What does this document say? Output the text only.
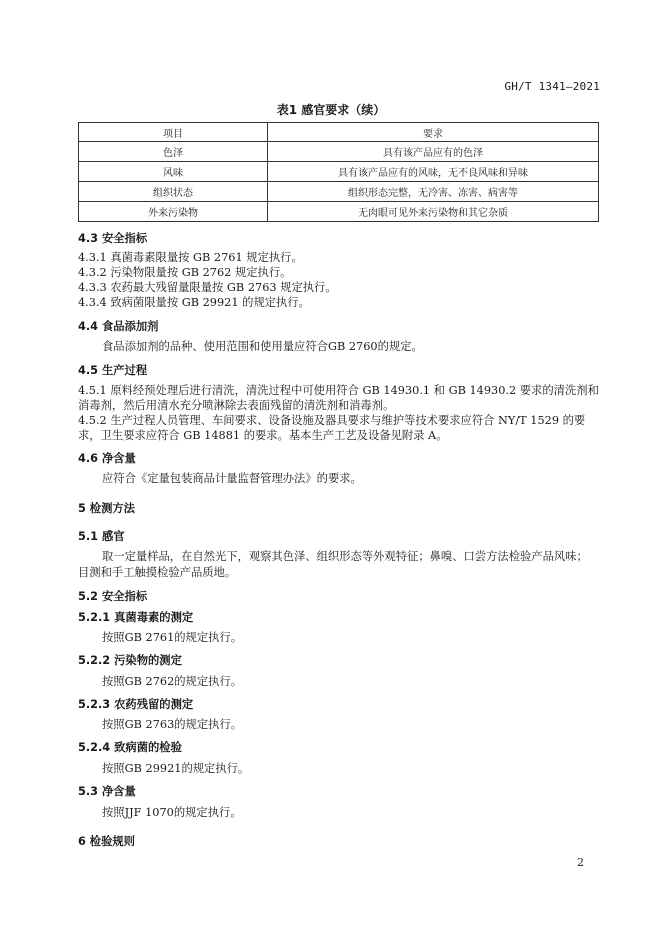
GH/T 1341—2021
表1 感官要求（续）
项目	要求
色泽	具有该产品应有的色泽
风味	具有该产品应有的风味，无不良风味和异味
组织状态	组织形态完整，无冷害、冻害、病害等
外来污染物	无肉眼可见外来污染物和其它杂质
4.3 安全指标
4.3.1 真菌毒素限量按 GB 2761 规定执行。
4.3.2 污染物限量按 GB 2762 规定执行。
4.3.3 农药最大残留量限量按 GB 2763 规定执行。
4.3.4 致病菌限量按 GB 29921 的规定执行。
4.4 食品添加剂
食品添加剂的品种、使用范围和使用量应符合GB 2760的规定。
4.5 生产过程
4.5.1 原料经预处理后进行清洗，清洗过程中可使用符合 GB 14930.1 和 GB 14930.2 要求的清洗剂和
消毒剂，然后用清水充分喷淋除去表面残留的清洗剂和消毒剂。
4.5.2 生产过程人员管理、车间要求、设备设施及器具要求与维护等技术要求应符合 NY/T 1529 的要
求，卫生要求应符合 GB 14881 的要求。基本生产工艺及设备见附录 A。
4.6 净含量
应符合《定量包装商品计量监督管理办法》的要求。
5 检测方法
5.1 感官
取一定量样品，在自然光下，观察其色泽、组织形态等外观特征；鼻嗅、口尝方法检验产品风味；
目测和手工触摸检验产品质地。
5.2 安全指标
5.2.1 真菌毒素的测定
按照GB 2761的规定执行。
5.2.2 污染物的测定
按照GB 2762的规定执行。
5.2.3 农药残留的测定
按照GB 2763的规定执行。
5.2.4 致病菌的检验
按照GB 29921的规定执行。
5.3 净含量
按照JJF 1070的规定执行。
6 检验规则
2
